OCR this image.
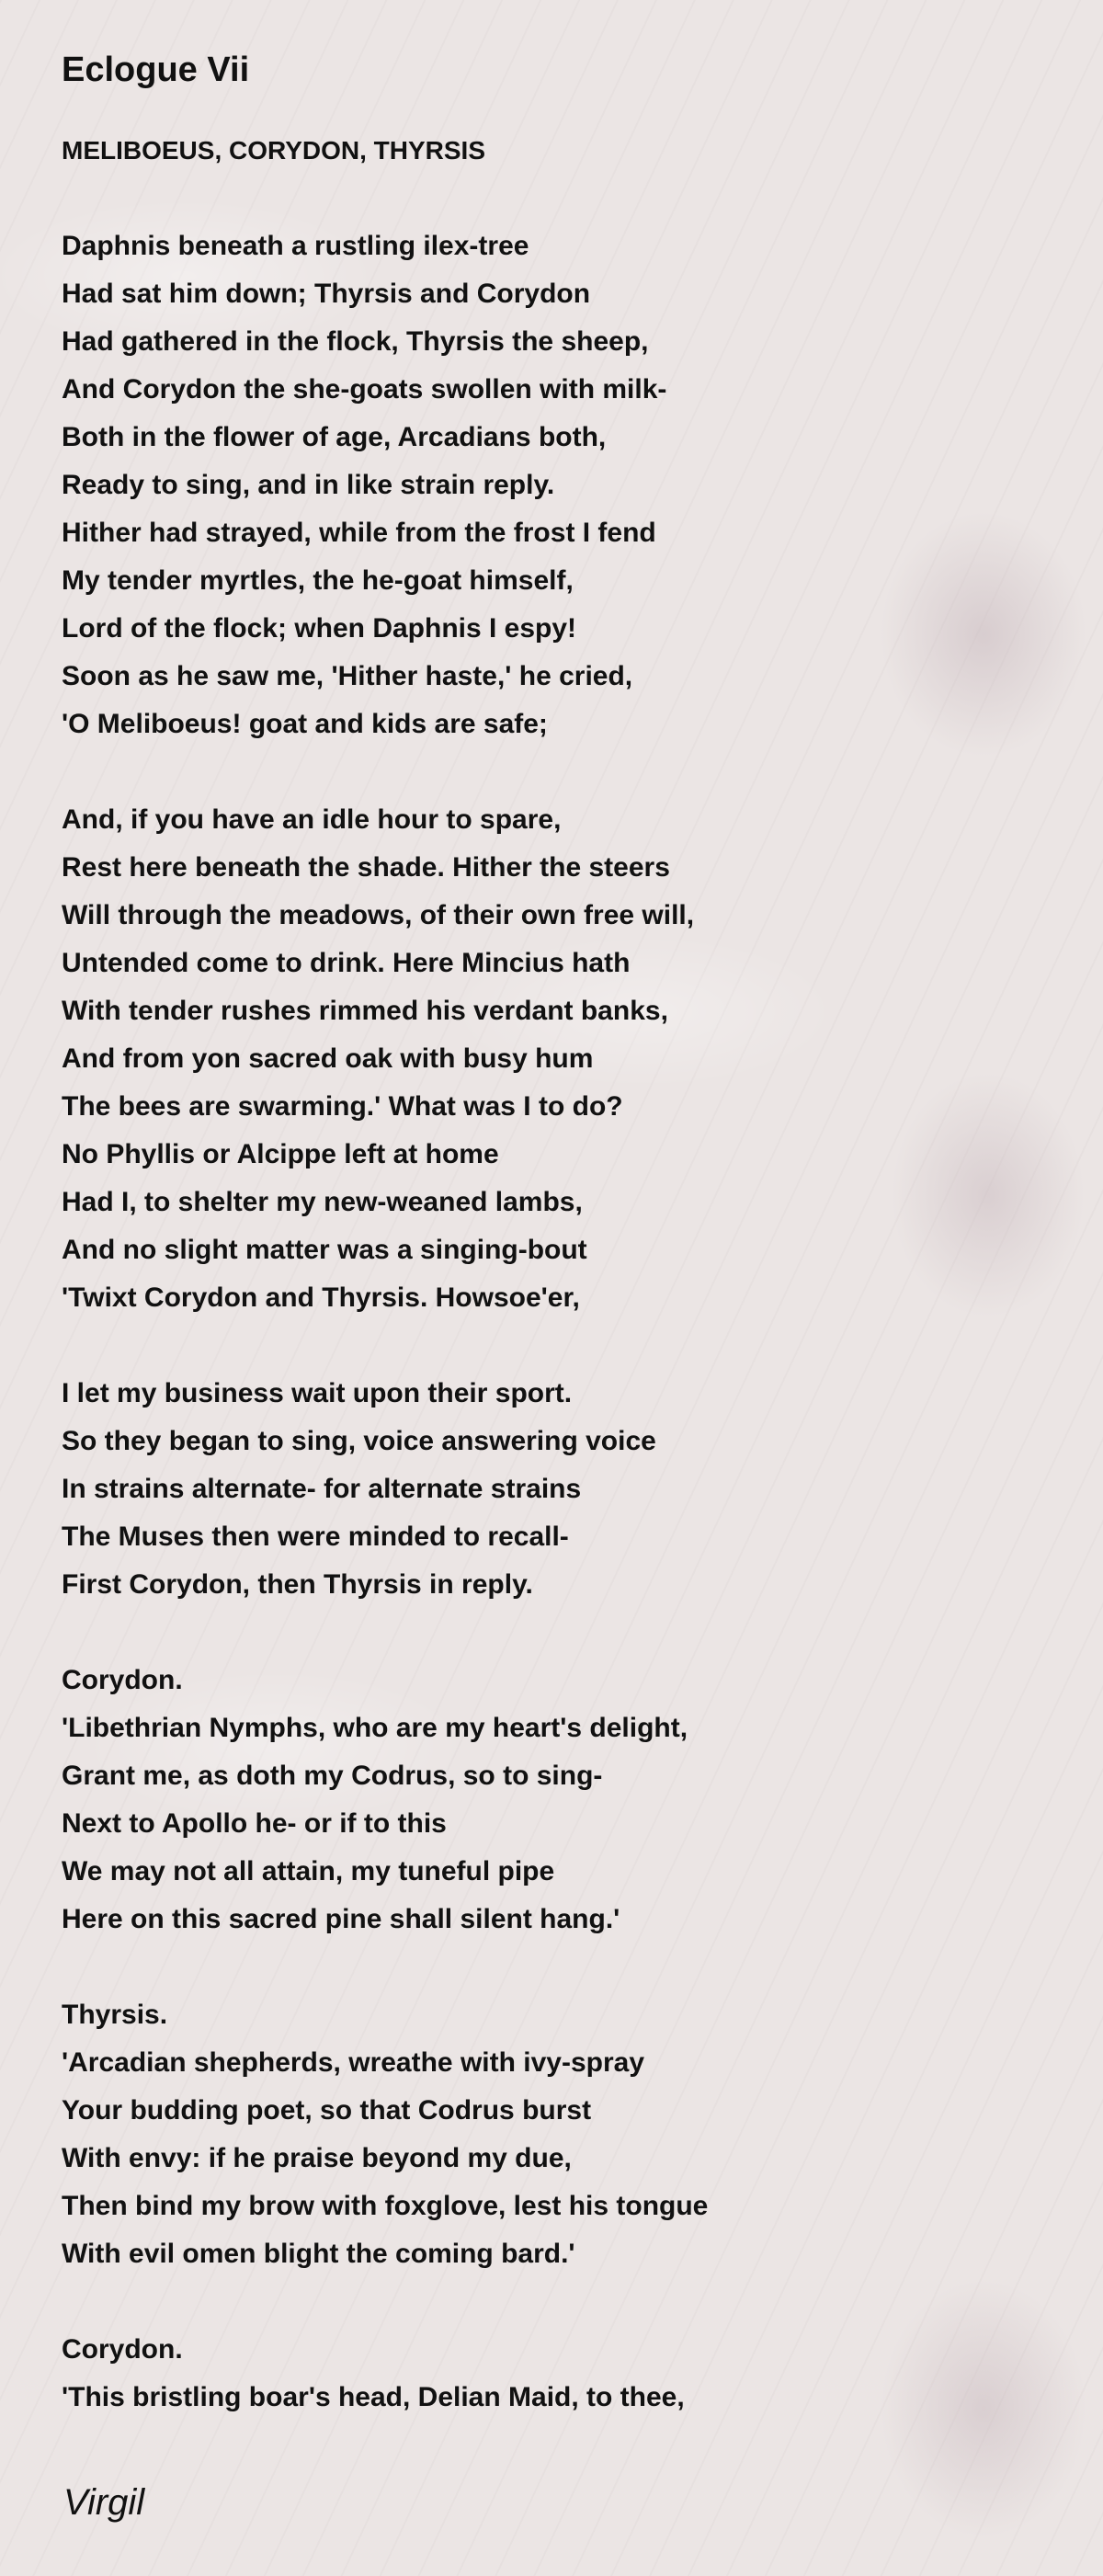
Eclogue Vii
MELIBOEUS, CORYDON, THYRSIS
Daphnis beneath a rustling ilex-tree
Had sat him down; Thyrsis and Corydon
Had gathered in the flock, Thyrsis the sheep,
And Corydon the she-goats swollen with milk-
Both in the flower of age, Arcadians both,
Ready to sing, and in like strain reply.
Hither had strayed, while from the frost I fend
My tender myrtles, the he-goat himself,
Lord of the flock; when Daphnis I espy!
Soon as he saw me, 'Hither haste,' he cried,
'O Meliboeus! goat and kids are safe;
And, if you have an idle hour to spare,
Rest here beneath the shade. Hither the steers
Will through the meadows, of their own free will,
Untended come to drink. Here Mincius hath
With tender rushes rimmed his verdant banks,
And from yon sacred oak with busy hum
The bees are swarming.' What was I to do?
No Phyllis or Alcippe left at home
Had I, to shelter my new-weaned lambs,
And no slight matter was a singing-bout
'Twixt Corydon and Thyrsis. Howsoe'er,
I let my business wait upon their sport.
So they began to sing, voice answering voice
In strains alternate- for alternate strains
The Muses then were minded to recall-
First Corydon, then Thyrsis in reply.
Corydon.
'Libethrian Nymphs, who are my heart's delight,
Grant me, as doth my Codrus, so to sing-
Next to Apollo he- or if to this
We may not all attain, my tuneful pipe
Here on this sacred pine shall silent hang.'
Thyrsis.
'Arcadian shepherds, wreathe with ivy-spray
Your budding poet, so that Codrus burst
With envy: if he praise beyond my due,
Then bind my brow with foxglove, lest his tongue
With evil omen blight the coming bard.'
Corydon.
'This bristling boar's head, Delian Maid, to thee,
Virgil
